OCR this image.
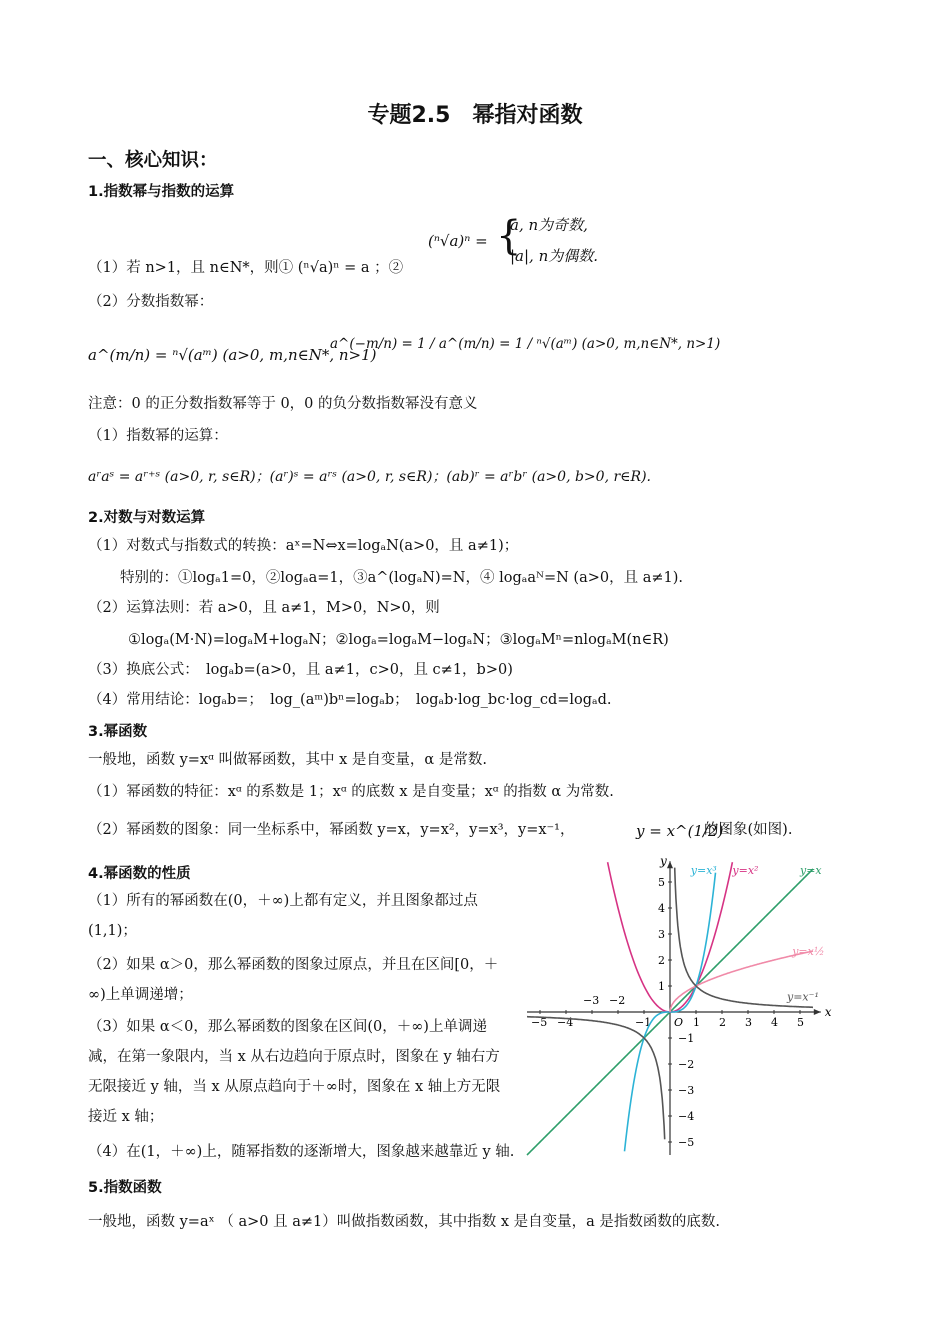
专题2.5　幂指对函数
一、核心知识：
1.指数幂与指数的运算
(ⁿ√a)ⁿ = {
a, n为奇数,
|a|, n为偶数.
（1）若 n>1，且 n∈N*，则① (ⁿ√a)ⁿ = a ；②
（2）分数指数幂：
a^(m/n) = ⁿ√(aᵐ) (a>0, m,n∈N*, n>1)
a^(−m/n) = 1 / a^(m/n) = 1 / ⁿ√(aᵐ) (a>0, m,n∈N*, n>1)
注意：0 的正分数指数幂等于 0，0 的负分数指数幂没有意义
（1）指数幂的运算：
aʳaˢ = aʳ⁺ˢ (a>0, r, s∈R)；(aʳ)ˢ = aʳˢ (a>0, r, s∈R)；(ab)ʳ = aʳbʳ (a>0, b>0, r∈R).
2.对数与对数运算
（1）对数式与指数式的转换：aˣ=N⇔x=logₐN(a>0，且 a≠1)；
特别的：①logₐ1=0，②logₐa=1，③a^(logₐN)=N，④ logₐaᴺ=N (a>0，且 a≠1).
（2）运算法则：若 a>0，且 a≠1，M>0，N>0，则
①logₐ(M·N)=logₐM+logₐN；②logₐ=logₐM−logₐN；③logₐMⁿ=nlogₐM(n∈R)
（3）换底公式：　logₐb=(a>0，且 a≠1，c>0，且 c≠1，b>0)
（4）常用结论：logₐb=；　log_(aᵐ)bⁿ=logₐb；　logₐb·log_bc·log_cd=logₐd.
3.幂函数
一般地，函数 y=xᵅ 叫做幂函数，其中 x 是自变量，α 是常数.
（1）幂函数的特征：xᵅ 的系数是 1；xᵅ 的底数 x 是自变量；xᵅ 的指数 α 为常数.
（2）幂函数的图象：同一坐标系中，幂函数 y=x，y=x²，y=x³，y=x⁻¹，	y = x^(1/2)
的图象(如图).
4.幂函数的性质
（1）所有的幂函数在(0，＋∞)上都有定义，并且图象都过点(1,1)；
（2）如果 α＞0，那么幂函数的图象过原点，并且在区间[0，＋∞)上单调递增；
（3）如果 α＜0，那么幂函数的图象在区间(0，＋∞)上单调递减，在第一象限内，当 x 从右边趋向于原点时，图象在 y 轴右方无限接近 y 轴，当 x 从原点趋向于＋∞时，图象在 x 轴上方无限接近 x 轴；
（4）在(1，＋∞)上，随幂指数的逐渐增大，图象越来越靠近 y 轴.
x
y
O
−5 −4
−3 −2
−1	1 2 3 4 5
−5
−4
−3
−2
−1
1
2
3
4
5
y=x
y=x²
y=x³
y=x½
y=x⁻¹
5.指数函数
一般地，函数 y=aˣ （ a>0 且 a≠1）叫做指数函数，其中指数 x 是自变量，a 是指数函数的底数.
